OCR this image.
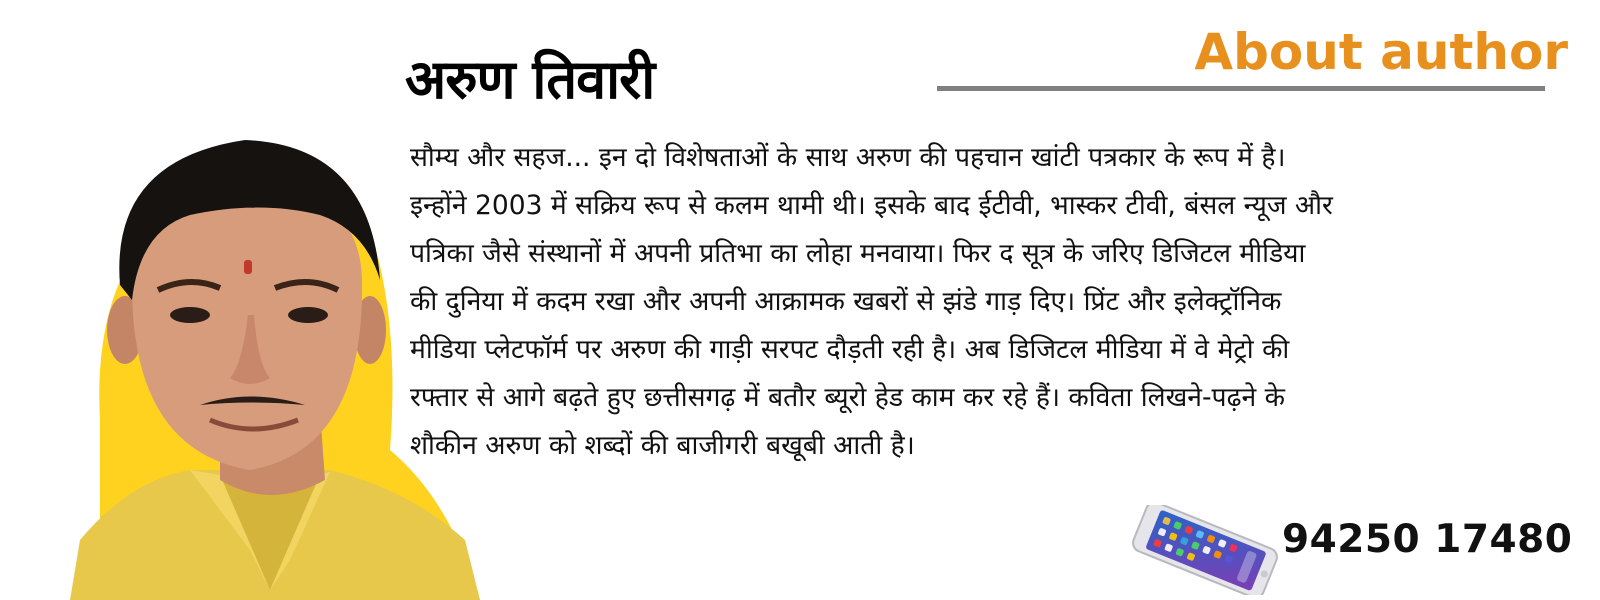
अरुण तिवारी	About author

सौम्य और सहज... इन दो विशेषताओं के साथ अरुण की पहचान खांटी पत्रकार के रूप में है।

इन्होंने 2003 में सक्रिय रूप से कलम थामी थी। इसके बाद ईटीवी, भास्कर टीवी, बंसल न्यूज और

पत्रिका जैसे संस्थानों में अपनी प्रतिभा का लोहा मनवाया। फिर द सूत्र के जरिए डिजिटल मीडिया

की दुनिया में कदम रखा और अपनी आक्रामक खबरों से झंडे गाड़ दिए। प्रिंट और इलेक्ट्रॉनिक

मीडिया प्लेटफॉर्म पर अरुण की गाड़ी सरपट दौड़ती रही है। अब डिजिटल मीडिया में वे मेट्रो की

रफ्तार से आगे बढ़ते हुए छत्तीसगढ़ में बतौर ब्यूरो हेड काम कर रहे हैं। कविता लिखने-पढ़ने के

शौकीन अरुण को शब्दों की बाजीगरी बखूबी आती है।

94250 17480
